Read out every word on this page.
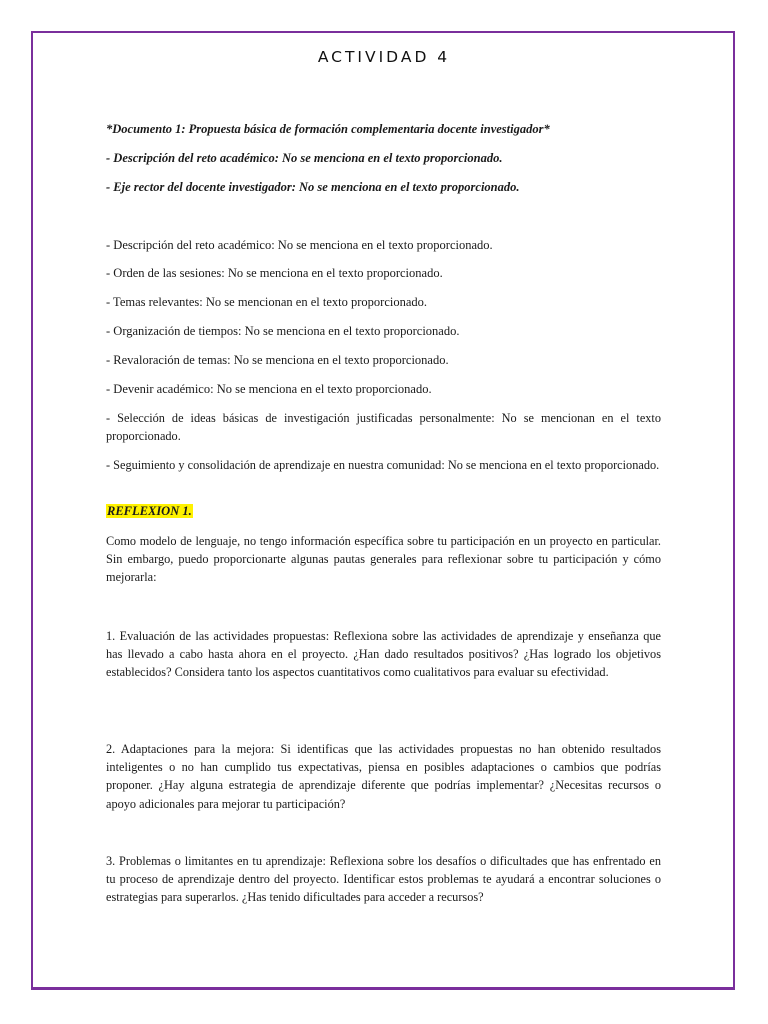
ACTIVIDAD 4

*Documento 1: Propuesta básica de formación complementaria docente investigador*

- Descripción del reto académico: No se menciona en el texto proporcionado.

- Eje rector del docente investigador: No se menciona en el texto proporcionado.

- Descripción del reto académico: No se menciona en el texto proporcionado.

- Orden de las sesiones: No se menciona en el texto proporcionado.

- Temas relevantes: No se mencionan en el texto proporcionado.

- Organización de tiempos: No se menciona en el texto proporcionado.

- Revaloración de temas: No se menciona en el texto proporcionado.

- Devenir académico: No se menciona en el texto proporcionado.

- Selección de ideas básicas de investigación justificadas personalmente: No se mencionan en el texto proporcionado.

- Seguimiento y consolidación de aprendizaje en nuestra comunidad: No se menciona en el texto proporcionado.

REFLEXION 1.

Como modelo de lenguaje, no tengo información específica sobre tu participación en un proyecto en particular. Sin embargo, puedo proporcionarte algunas pautas generales para reflexionar sobre tu participación y cómo mejorarla:

1. Evaluación de las actividades propuestas: Reflexiona sobre las actividades de aprendizaje y enseñanza que has llevado a cabo hasta ahora en el proyecto. ¿Han dado resultados positivos? ¿Has logrado los objetivos establecidos? Considera tanto los aspectos cuantitativos como cualitativos para evaluar su efectividad.

2. Adaptaciones para la mejora: Si identificas que las actividades propuestas no han obtenido resultados inteligentes o no han cumplido tus expectativas, piensa en posibles adaptaciones o cambios que podrías proponer. ¿Hay alguna estrategia de aprendizaje diferente que podrías implementar? ¿Necesitas recursos o apoyo adicionales para mejorar tu participación?

3. Problemas o limitantes en tu aprendizaje: Reflexiona sobre los desafíos o dificultades que has enfrentado en tu proceso de aprendizaje dentro del proyecto. Identificar estos problemas te ayudará a encontrar soluciones o estrategias para superarlos. ¿Has tenido dificultades para acceder a recursos?
